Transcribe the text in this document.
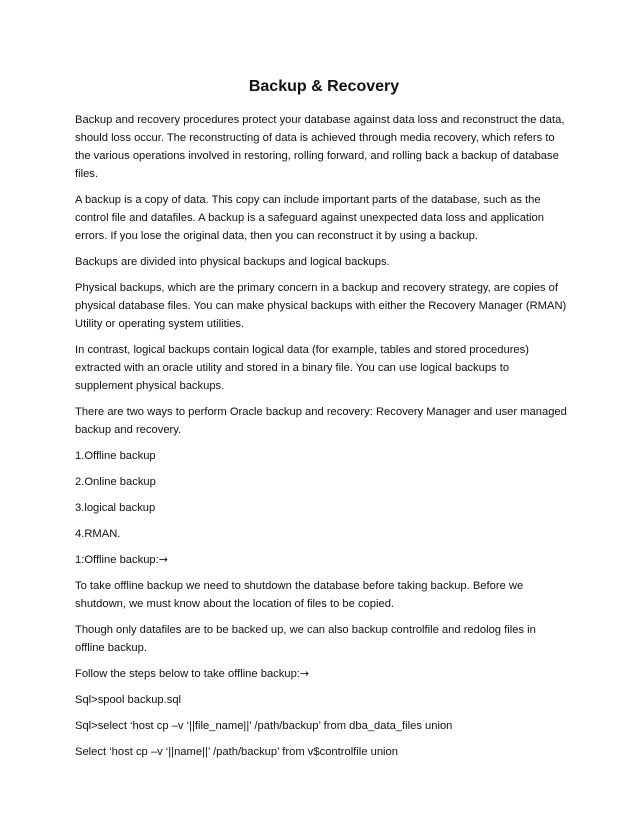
Backup & Recovery

Backup and recovery procedures protect your database against data loss and reconstruct the data, should loss occur. The reconstructing of data is achieved through media recovery, which refers to the various operations involved in restoring, rolling forward, and rolling back a backup of database files.

A backup is a copy of data. This copy can include important parts of the database, such as the control file and datafiles. A backup is a safeguard against unexpected data loss and application errors. If you lose the original data, then you can reconstruct it by using a backup.

Backups are divided into physical backups and logical backups.

Physical backups, which are the primary concern in a backup and recovery strategy, are copies of physical database files. You can make physical backups with either the Recovery Manager (RMAN) Utility or operating system utilities.

In contrast, logical backups contain logical data (for example, tables and stored procedures) extracted with an oracle utility and stored in a binary file. You can use logical backups to supplement physical backups.

There are two ways to perform Oracle backup and recovery: Recovery Manager and user managed backup and recovery.

1.Offline backup

2.Online backup

3.logical backup

4.RMAN.

1:Offline backup:→

To take offline backup we need to shutdown the database before taking backup. Before we shutdown, we must know about the location of files to be copied.

Though only datafiles are to be backed up, we can also backup controlfile and redolog files in offline backup.

Follow the steps below to take offline backup:→

Sql>spool backup.sql

Sql>select ‘host cp –v ‘||file_name||’ /path/backup’ from dba_data_files union

Select ‘host cp –v ‘||name||’ /path/backup’ from v$controlfile union
